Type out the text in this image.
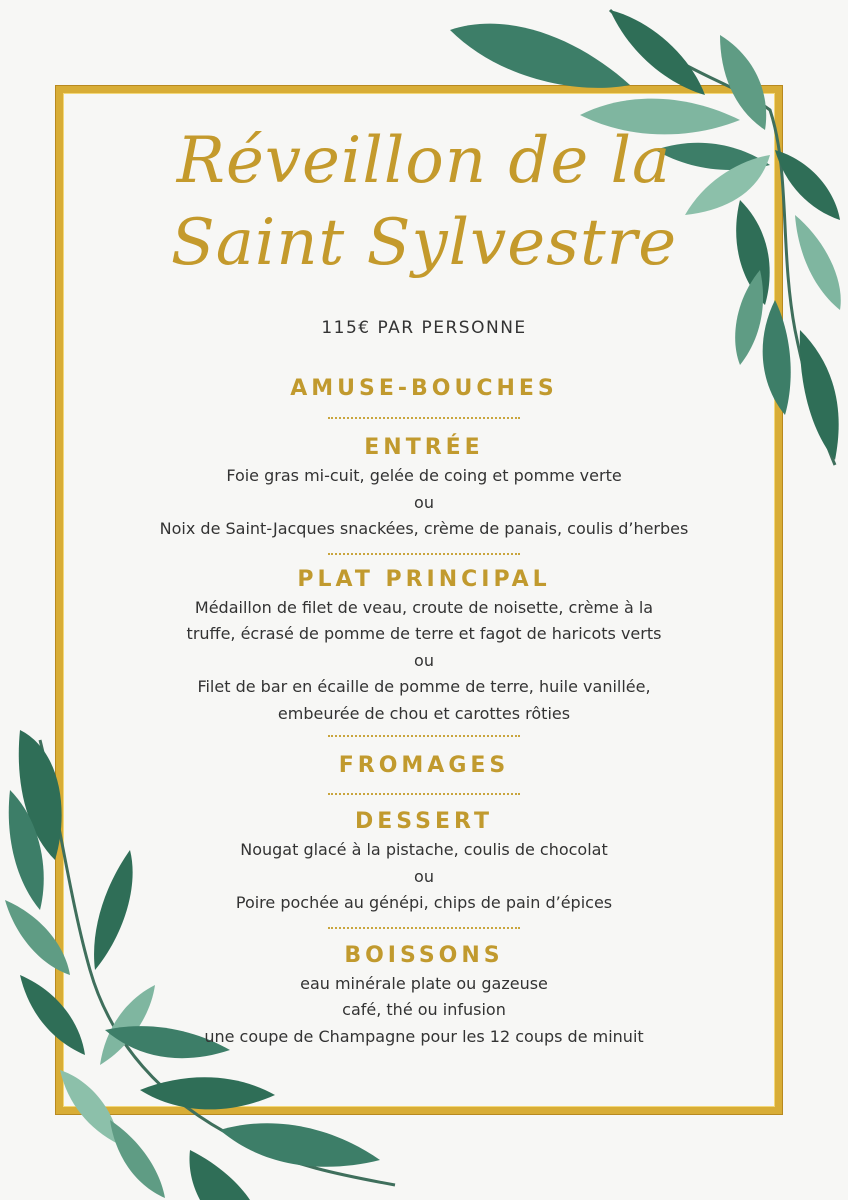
Réveillon de la
Saint Sylvestre
115€ PAR PERSONNE
AMUSE-BOUCHES
ENTRÉE
Foie gras mi-cuit, gelée de coing et pomme verte
ou
Noix de Saint-Jacques snackées, crème de panais, coulis d’herbes
PLAT PRINCIPAL
Médaillon de filet de veau, croute de noisette, crème à la
truffe, écrasé de pomme de terre et fagot de haricots verts
ou
Filet de bar en écaille de pomme de terre, huile vanillée,
embeurée de chou et carottes rôties
FROMAGES
DESSERT
Nougat glacé à la pistache, coulis de chocolat
ou
Poire pochée au génépi, chips de pain d’épices
BOISSONS
eau minérale plate ou gazeuse
café, thé ou infusion
une coupe de Champagne pour les 12 coups de minuit
